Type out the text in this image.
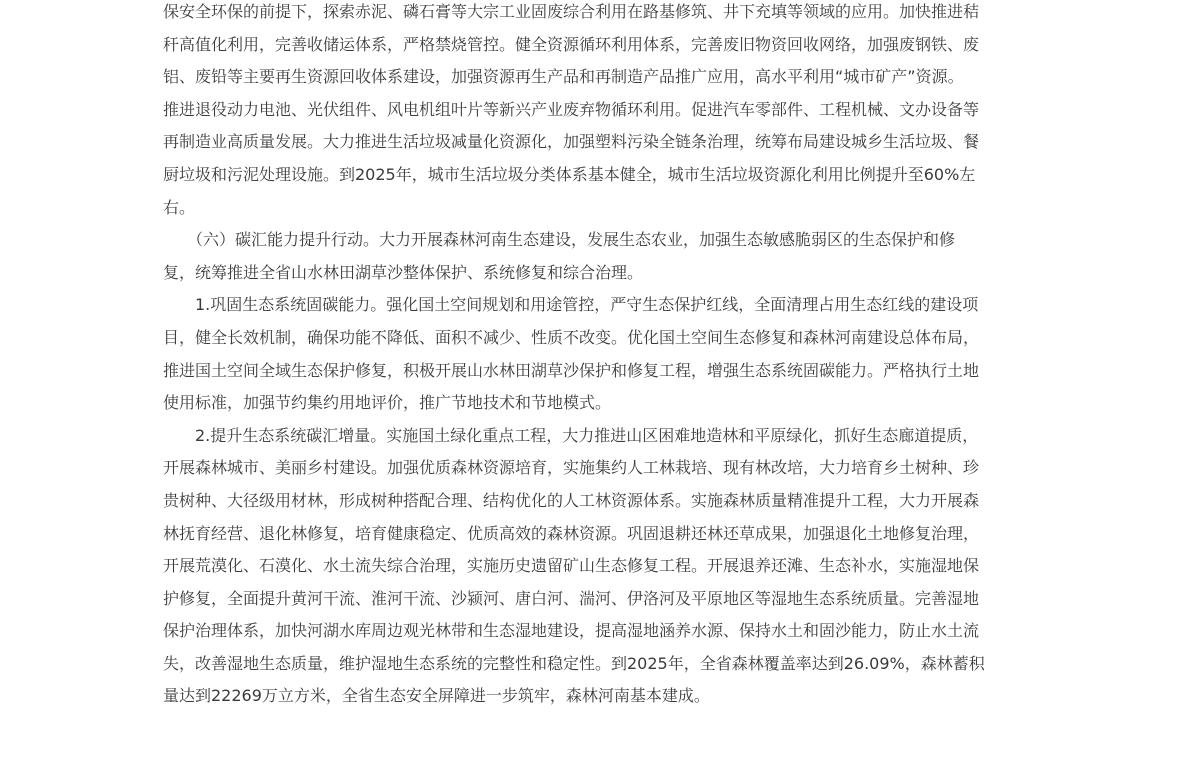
保安全环保的前提下，探索赤泥、磷石膏等大宗工业固废综合利用在路基修筑、井下充填等领域的应用。加快推进秸
秆高值化利用，完善收储运体系，严格禁烧管控。健全资源循环利用体系，完善废旧物资回收网络，加强废钢铁、废
铝、废铅等主要再生资源回收体系建设，加强资源再生产品和再制造产品推广应用，高水平利用“城市矿产”资源。
推进退役动力电池、光伏组件、风电机组叶片等新兴产业废弃物循环利用。促进汽车零部件、工程机械、文办设备等
再制造业高质量发展。大力推进生活垃圾减量化资源化，加强塑料污染全链条治理，统筹布局建设城乡生活垃圾、餐
厨垃圾和污泥处理设施。到2025年，城市生活垃圾分类体系基本健全，城市生活垃圾资源化利用比例提升至60%左
右。
　　（六）碳汇能力提升行动。大力开展森林河南生态建设，发展生态农业，加强生态敏感脆弱区的生态保护和修
复，统筹推进全省山水林田湖草沙整体保护、系统修复和综合治理。
　　1.巩固生态系统固碳能力。强化国土空间规划和用途管控，严守生态保护红线，全面清理占用生态红线的建设项
目，健全长效机制，确保功能不降低、面积不减少、性质不改变。优化国土空间生态修复和森林河南建设总体布局，
推进国土空间全域生态保护修复，积极开展山水林田湖草沙保护和修复工程，增强生态系统固碳能力。严格执行土地
使用标准，加强节约集约用地评价，推广节地技术和节地模式。
　　2.提升生态系统碳汇增量。实施国土绿化重点工程，大力推进山区困难地造林和平原绿化，抓好生态廊道提质，
开展森林城市、美丽乡村建设。加强优质森林资源培育，实施集约人工林栽培、现有林改培，大力培育乡土树种、珍
贵树种、大径级用材林，形成树种搭配合理、结构优化的人工林资源体系。实施森林质量精准提升工程，大力开展森
林抚育经营、退化林修复，培育健康稳定、优质高效的森林资源。巩固退耕还林还草成果，加强退化土地修复治理，
开展荒漠化、石漠化、水土流失综合治理，实施历史遗留矿山生态修复工程。开展退养还滩、生态补水，实施湿地保
护修复，全面提升黄河干流、淮河干流、沙颍河、唐白河、湍河、伊洛河及平原地区等湿地生态系统质量。完善湿地
保护治理体系，加快河湖水库周边观光林带和生态湿地建设，提高湿地涵养水源、保持水土和固沙能力，防止水土流
失，改善湿地生态质量，维护湿地生态系统的完整性和稳定性。到2025年，全省森林覆盖率达到26.09%，森林蓄积
量达到22269万立方米，全省生态安全屏障进一步筑牢，森林河南基本建成。
